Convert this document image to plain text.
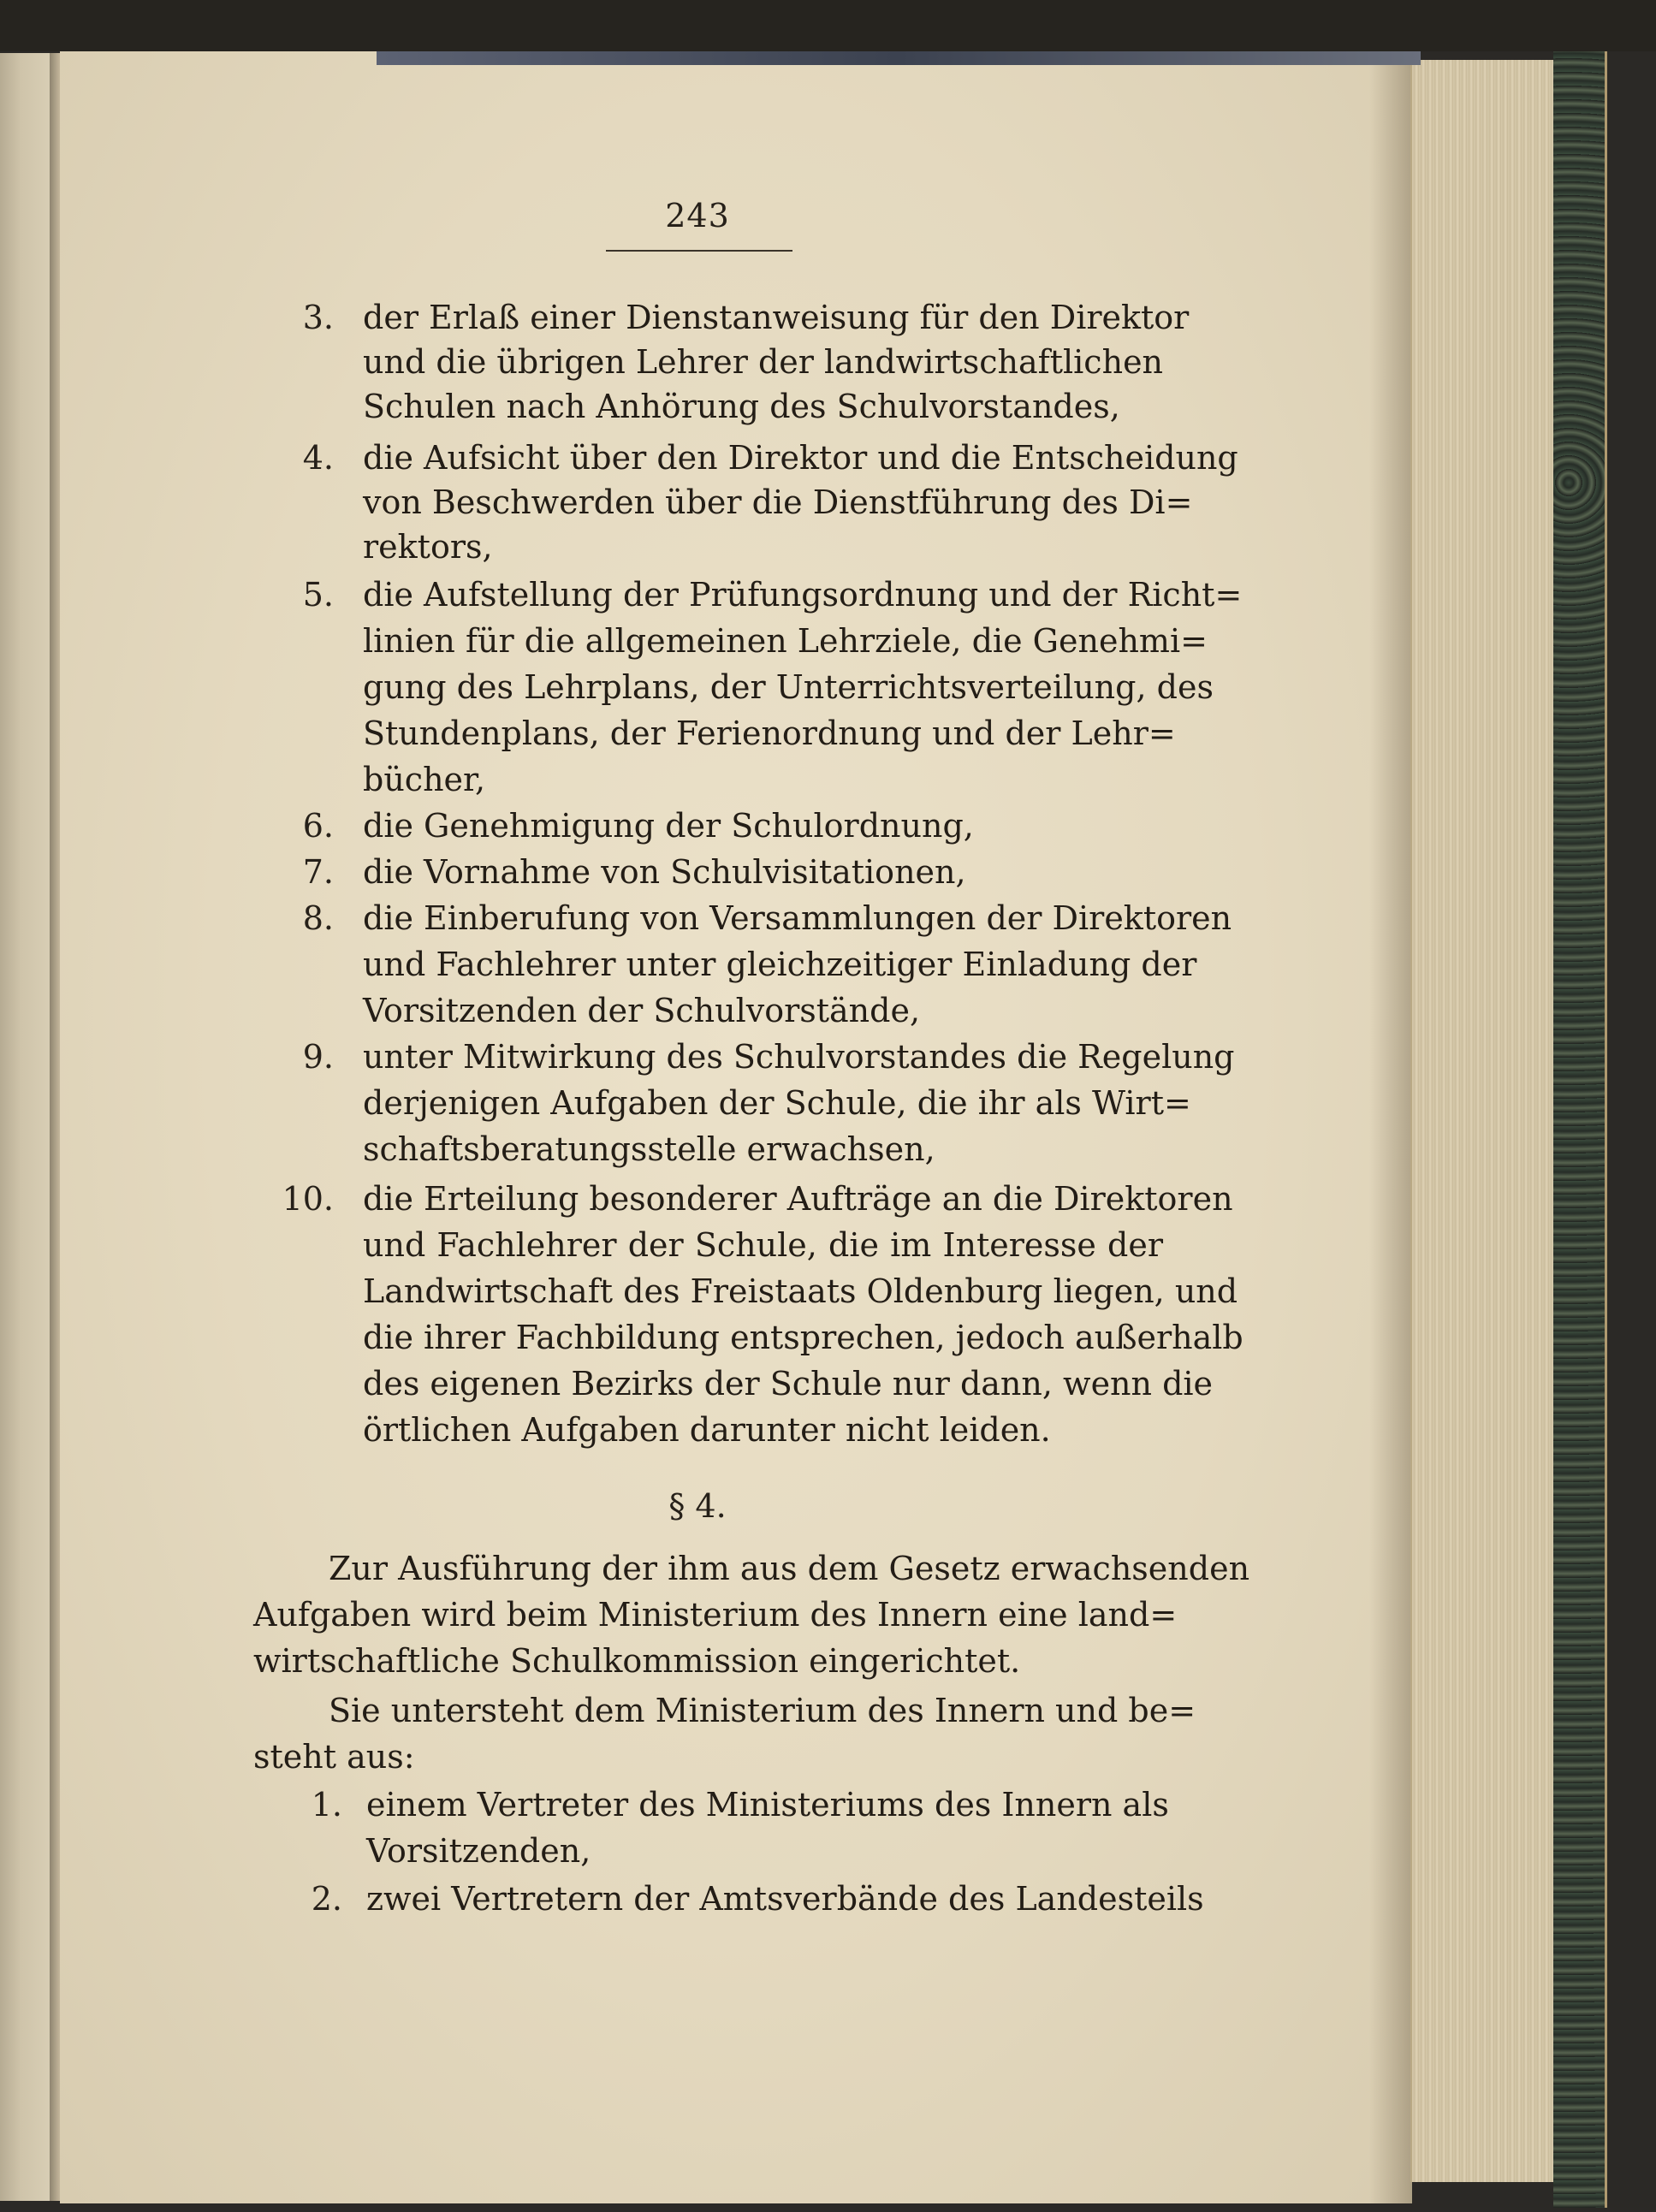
243
3. der Erlaß einer Dienstanweisung für den Direktor
und die übrigen Lehrer der landwirtschaftlichen
Schulen nach Anhörung des Schulvorstandes,
4. die Aufsicht über den Direktor und die Entscheidung
von Beschwerden über die Dienstführung des Di=
rektors,
5. die Aufstellung der Prüfungsordnung und der Richt=
linien für die allgemeinen Lehrziele, die Genehmi=
gung des Lehrplans, der Unterrichtsverteilung, des
Stundenplans, der Ferienordnung und der Lehr=
bücher,
6. die Genehmigung der Schulordnung,
7. die Vornahme von Schulvisitationen,
8. die Einberufung von Versammlungen der Direktoren
und Fachlehrer unter gleichzeitiger Einladung der
Vorsitzenden der Schulvorstände,
9. unter Mitwirkung des Schulvorstandes die Regelung
derjenigen Aufgaben der Schule, die ihr als Wirt=
schaftsberatungsstelle erwachsen,
10. die Erteilung besonderer Aufträge an die Direktoren
und Fachlehrer der Schule, die im Interesse der
Landwirtschaft des Freistaats Oldenburg liegen, und
die ihrer Fachbildung entsprechen, jedoch außerhalb
des eigenen Bezirks der Schule nur dann, wenn die
örtlichen Aufgaben darunter nicht leiden.
§ 4.
Zur Ausführung der ihm aus dem Gesetz erwachsenden
Aufgaben wird beim Ministerium des Innern eine land=
wirtschaftliche Schulkommission eingerichtet.
Sie untersteht dem Ministerium des Innern und be=
steht aus:
1. einem Vertreter des Ministeriums des Innern als
Vorsitzenden,
2. zwei Vertretern der Amtsverbände des Landesteils
